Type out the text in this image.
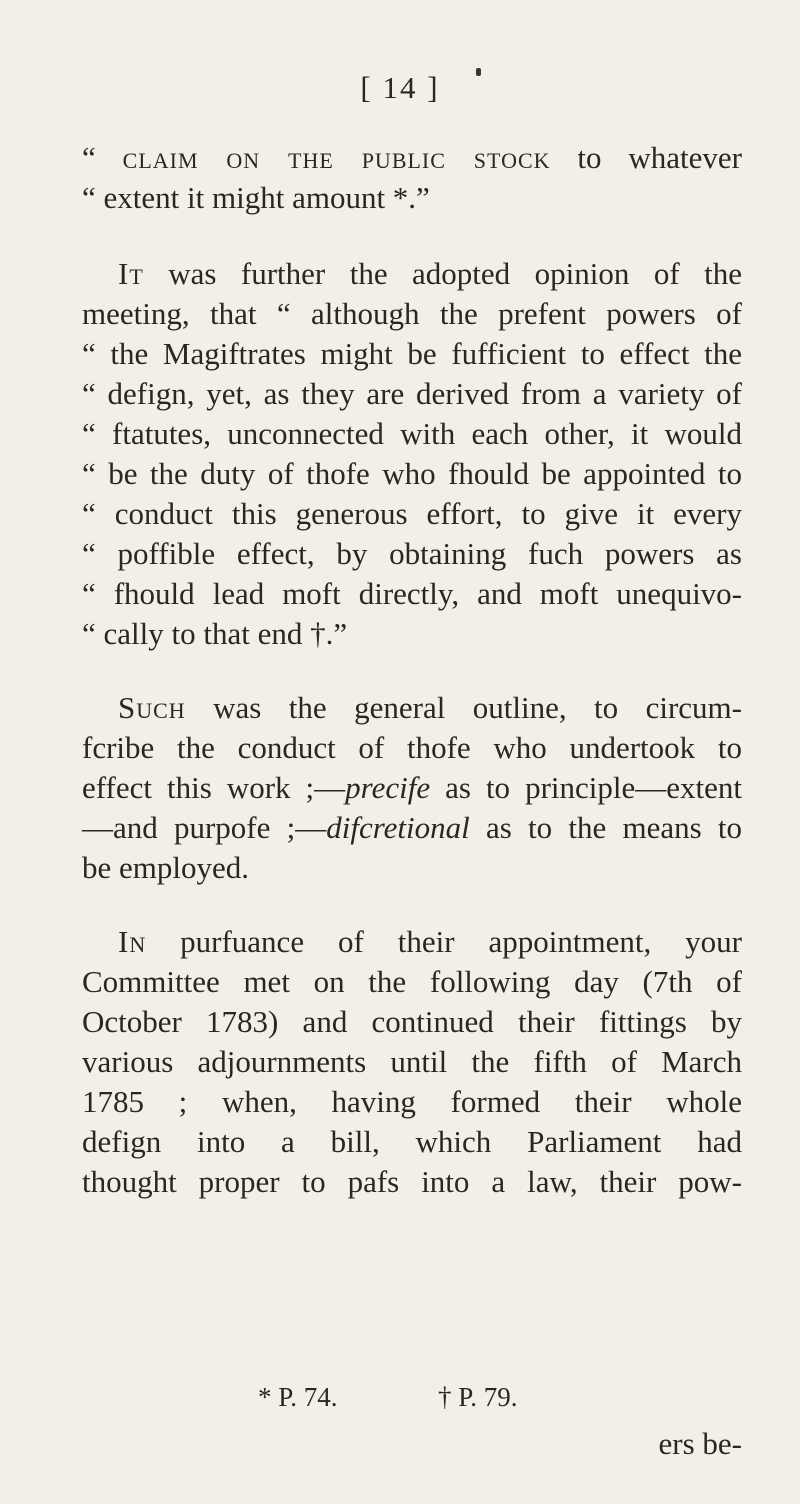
[ 14 ]
“ claim on the public stock to whatever
“ extent it might amount *.”
It was further the adopted opinion of the
meeting, that “ although the prefent powers of
“ the Magiftrates might be fufficient to effect the
“ defign, yet, as they are derived from a variety of
“ ftatutes, unconnected with each other, it would
“ be the duty of thofe who fhould be appointed to
“ conduct this generous effort, to give it every
“ poffible effect, by obtaining fuch powers as
“ fhould lead moft directly, and moft unequivo-
“ cally to that end †.”
Such was the general outline, to circum-
fcribe the conduct of thofe who undertook to
effect this work ;—precife as to principle—extent
—and purpofe ;—difcretional as to the means to
be employed.
In purfuance of their appointment, your
Committee met on the following day (7th of
October 1783) and continued their fittings by
various adjournments until the fifth of March
1785 ; when, having formed their whole
defign into a bill, which Parliament had
thought proper to pafs into a law, their pow-
* P. 74.	† P. 79.
ers be-
